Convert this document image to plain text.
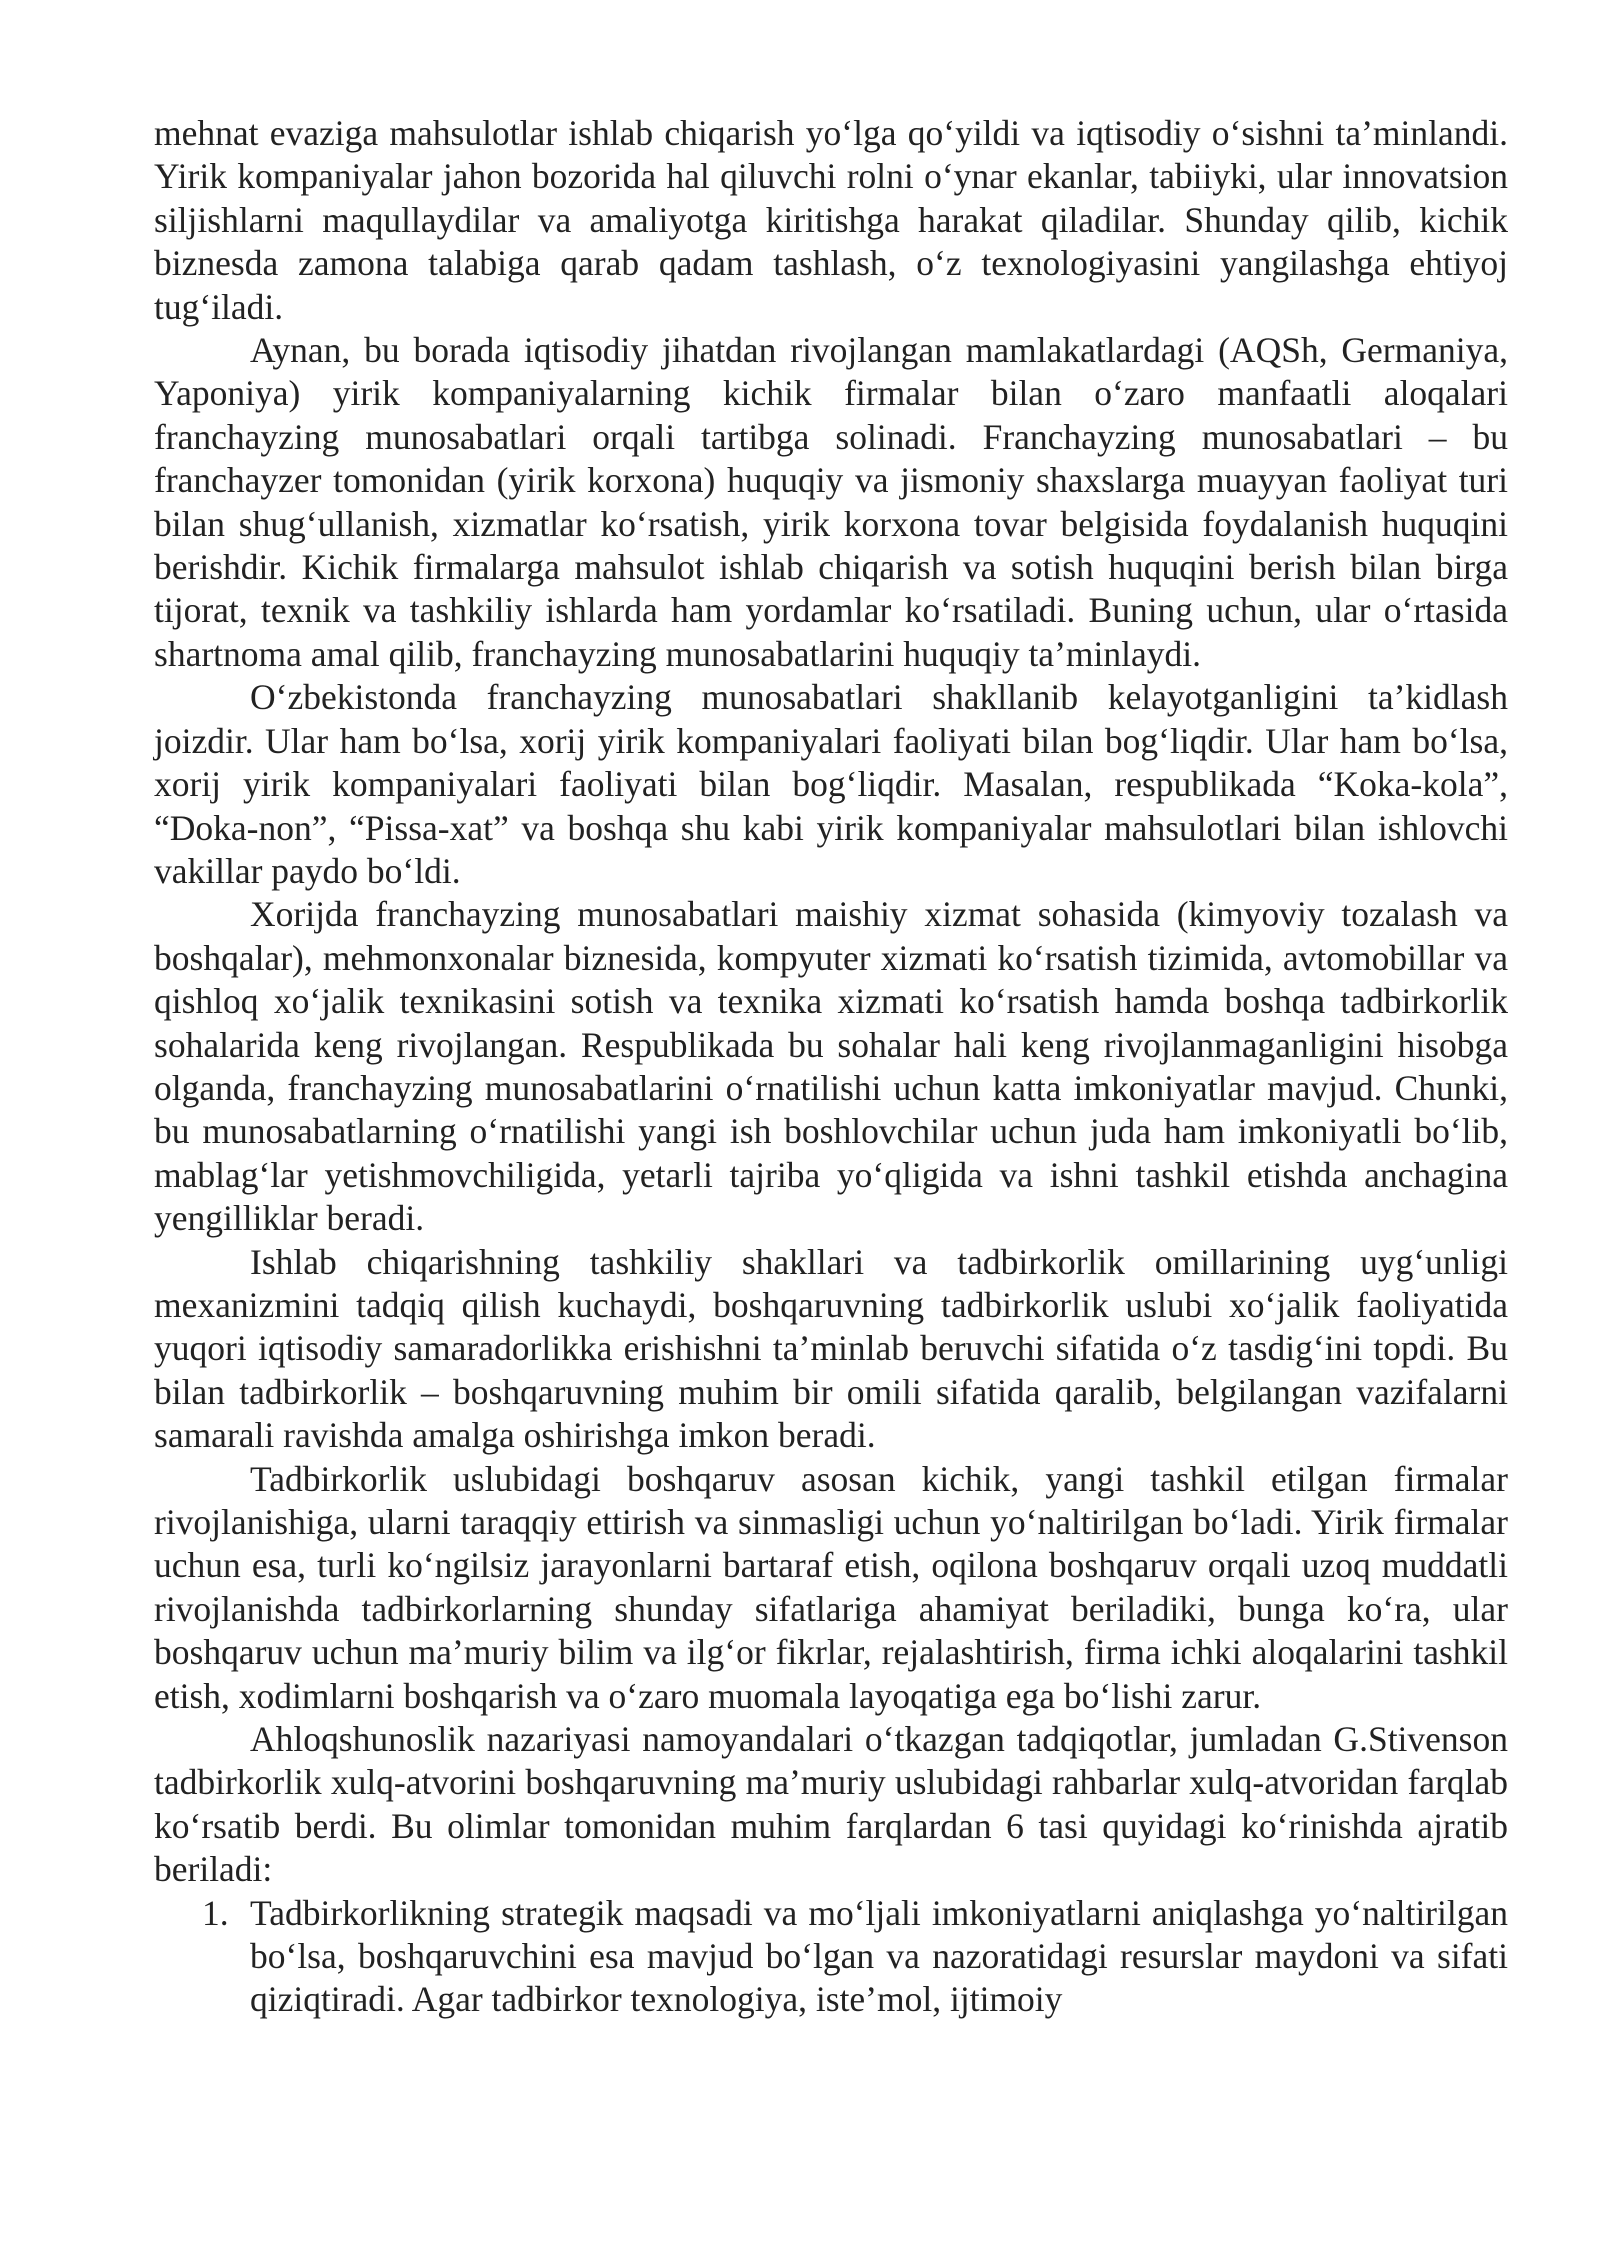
mehnat evaziga mahsulotlar ishlab chiqarish yo‘lga qo‘yildi va iqtisodiy o‘sishni ta’minlandi. Yirik kompaniyalar jahon bozorida hal qiluvchi rolni o‘ynar ekanlar, tabiiyki, ular innovatsion siljishlarni maqullaydilar va amaliyotga kiritishga harakat qiladilar. Shunday qilib, kichik biznesda zamona talabiga qarab qadam tashlash, o‘z texnologiyasini yangilashga ehtiyoj tug‘iladi.

Aynan, bu borada iqtisodiy jihatdan rivojlangan mamlakatlardagi (AQSh, Germaniya, Yaponiya) yirik kompaniyalarning kichik firmalar bilan o‘zaro manfaatli aloqalari franchayzing munosabatlari orqali tartibga solinadi. Franchayzing munosabatlari – bu franchayzer tomonidan (yirik korxona) huquqiy va jismoniy shaxslarga muayyan faoliyat turi bilan shug‘ullanish, xizmatlar ko‘rsatish, yirik korxona tovar belgisida foydalanish huquqini berishdir. Kichik firmalarga mahsulot ishlab chiqarish va sotish huquqini berish bilan birga tijorat, texnik va tashkiliy ishlarda ham yordamlar ko‘rsatiladi. Buning uchun, ular o‘rtasida shartnoma amal qilib, franchayzing munosabatlarini huquqiy ta’minlaydi.

O‘zbekistonda franchayzing munosabatlari shakllanib kelayotganligini ta’kidlash joizdir. Ular ham bo‘lsa, xorij yirik kompaniyalari faoliyati bilan bog‘liqdir. Ular ham bo‘lsa, xorij yirik kompaniyalari faoliyati bilan bog‘liqdir. Masalan, respublikada “Koka-kola”, “Doka-non”, “Pissa-xat” va boshqa shu kabi yirik kompaniyalar mahsulotlari bilan ishlovchi vakillar paydo bo‘ldi.

Xorijda franchayzing munosabatlari maishiy xizmat sohasida (kimyoviy tozalash va boshqalar), mehmonxonalar biznesida, kompyuter xizmati ko‘rsatish tizimida, avtomobillar va qishloq xo‘jalik texnikasini sotish va texnika xizmati ko‘rsatish hamda boshqa tadbirkorlik sohalarida keng rivojlangan. Respublikada bu sohalar hali keng rivojlanmaganligini hisobga olganda, franchayzing munosabatlarini o‘rnatilishi uchun katta imkoniyatlar mavjud. Chunki, bu munosabatlarning o‘rnatilishi yangi ish boshlovchilar uchun juda ham imkoniyatli bo‘lib, mablag‘lar yetishmovchiligida, yetarli tajriba yo‘qligida va ishni tashkil etishda anchagina yengilliklar beradi.

Ishlab chiqarishning tashkiliy shakllari va tadbirkorlik omillarining uyg‘unligi mexanizmini tadqiq qilish kuchaydi, boshqaruvning tadbirkorlik uslubi xo‘jalik faoliyatida yuqori iqtisodiy samaradorlikka erishishni ta’minlab beruvchi sifatida o‘z tasdig‘ini topdi. Bu bilan tadbirkorlik – boshqaruvning muhim bir omili sifatida qaralib, belgilangan vazifalarni samarali ravishda amalga oshirishga imkon beradi.

Tadbirkorlik uslubidagi boshqaruv asosan kichik, yangi tashkil etilgan firmalar rivojlanishiga, ularni taraqqiy ettirish va sinmasligi uchun yo‘naltirilgan bo‘ladi. Yirik firmalar uchun esa, turli ko‘ngilsiz jarayonlarni bartaraf etish, oqilona boshqaruv orqali uzoq muddatli rivojlanishda tadbirkorlarning shunday sifatlariga ahamiyat beriladiki, bunga ko‘ra, ular boshqaruv uchun ma’muriy bilim va ilg‘or fikrlar, rejalashtirish, firma ichki aloqalarini tashkil etish, xodimlarni boshqarish va o‘zaro muomala layoqatiga ega bo‘lishi zarur.

Ahloqshunoslik nazariyasi namoyandalari o‘tkazgan tadqiqotlar, jumladan G.Stivenson tadbirkorlik xulq-atvorini boshqaruvning ma’muriy uslubidagi rahbarlar xulq-atvoridan farqlab ko‘rsatib berdi. Bu olimlar tomonidan muhim farqlardan 6 tasi quyidagi ko‘rinishda ajratib beriladi:

1. Tadbirkorlikning strategik maqsadi va mo‘ljali imkoniyatlarni aniqlashga yo‘naltirilgan bo‘lsa, boshqaruvchini esa mavjud bo‘lgan va nazoratidagi resurslar maydoni va sifati qiziqtiradi. Agar tadbirkor texnologiya, iste’mol, ijtimoiy
